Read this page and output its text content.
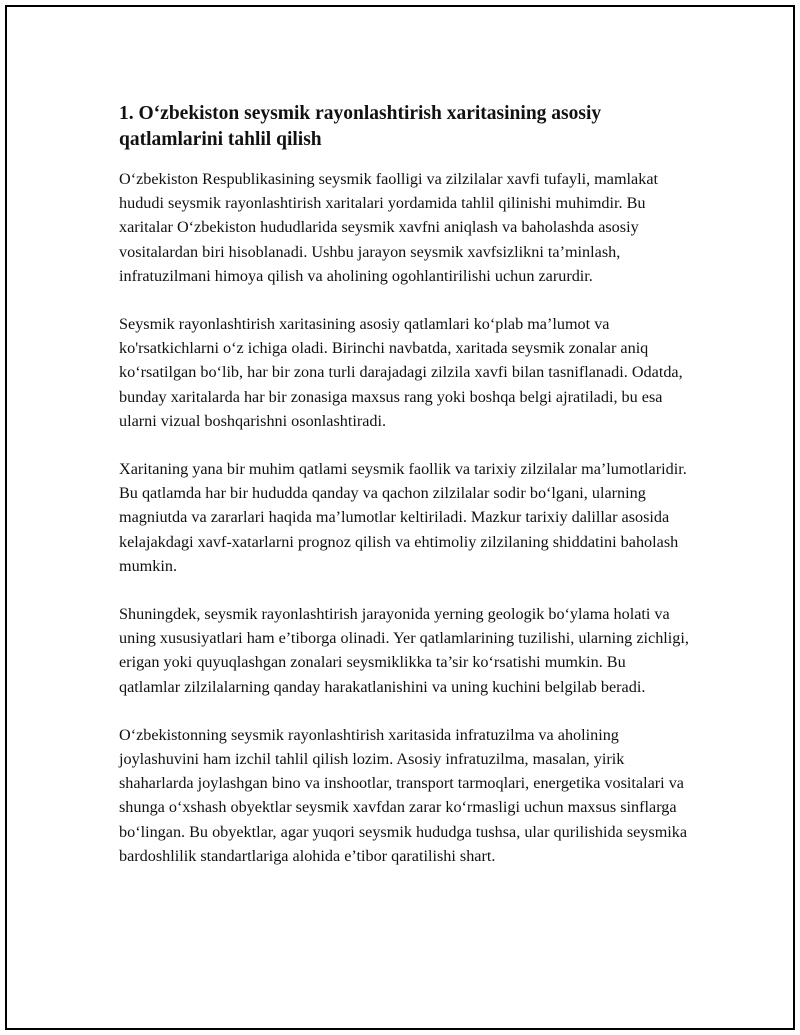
1. O‘zbekiston seysmik rayonlashtirish xaritasining asosiy qatlamlarini tahlil qilish

O‘zbekiston Respublikasining seysmik faolligi va zilzilalar xavfi tufayli, mamlakat hududi seysmik rayonlashtirish xaritalari yordamida tahlil qilinishi muhimdir. Bu xaritalar O‘zbekiston hududlarida seysmik xavfni aniqlash va baholashda asosiy vositalardan biri hisoblanadi. Ushbu jarayon seysmik xavfsizlikni ta’minlash, infratuzilmani himoya qilish va aholining ogohlantirilishi uchun zarurdir.

Seysmik rayonlashtirish xaritasining asosiy qatlamlari ko‘plab ma’lumot va ko'rsatkichlarni o‘z ichiga oladi. Birinchi navbatda, xaritada seysmik zonalar aniq ko‘rsatilgan bo‘lib, har bir zona turli darajadagi zilzila xavfi bilan tasniflanadi. Odatda, bunday xaritalarda har bir zonasiga maxsus rang yoki boshqa belgi ajratiladi, bu esa ularni vizual boshqarishni osonlashtiradi.

Xaritaning yana bir muhim qatlami seysmik faollik va tarixiy zilzilalar ma’lumotlaridir. Bu qatlamda har bir hududda qanday va qachon zilzilalar sodir bo‘lgani, ularning magniutda va zararlari haqida ma’lumotlar keltiriladi. Mazkur tarixiy dalillar asosida kelajakdagi xavf-xatarlarni prognoz qilish va ehtimoliy zilzilaning shiddatini baholash mumkin.

Shuningdek, seysmik rayonlashtirish jarayonida yerning geologik bo‘ylama holati va uning xususiyatlari ham e’tiborga olinadi. Yer qatlamlarining tuzilishi, ularning zichligi, erigan yoki quyuqlashgan zonalari seysmiklikka ta’sir ko‘rsatishi mumkin. Bu qatlamlar zilzilalarning qanday harakatlanishini va uning kuchini belgilab beradi.

O‘zbekistonning seysmik rayonlashtirish xaritasida infratuzilma va aholining joylashuvini ham izchil tahlil qilish lozim. Asosiy infratuzilma, masalan, yirik shaharlarda joylashgan bino va inshootlar, transport tarmoqlari, energetika vositalari va shunga o‘xshash obyektlar seysmik xavfdan zarar ko‘rmasligi uchun maxsus sinflarga bo‘lingan. Bu obyektlar, agar yuqori seysmik hududga tushsa, ular qurilishida seysmika bardoshlilik standartlariga alohida e’tibor qaratilishi shart.
